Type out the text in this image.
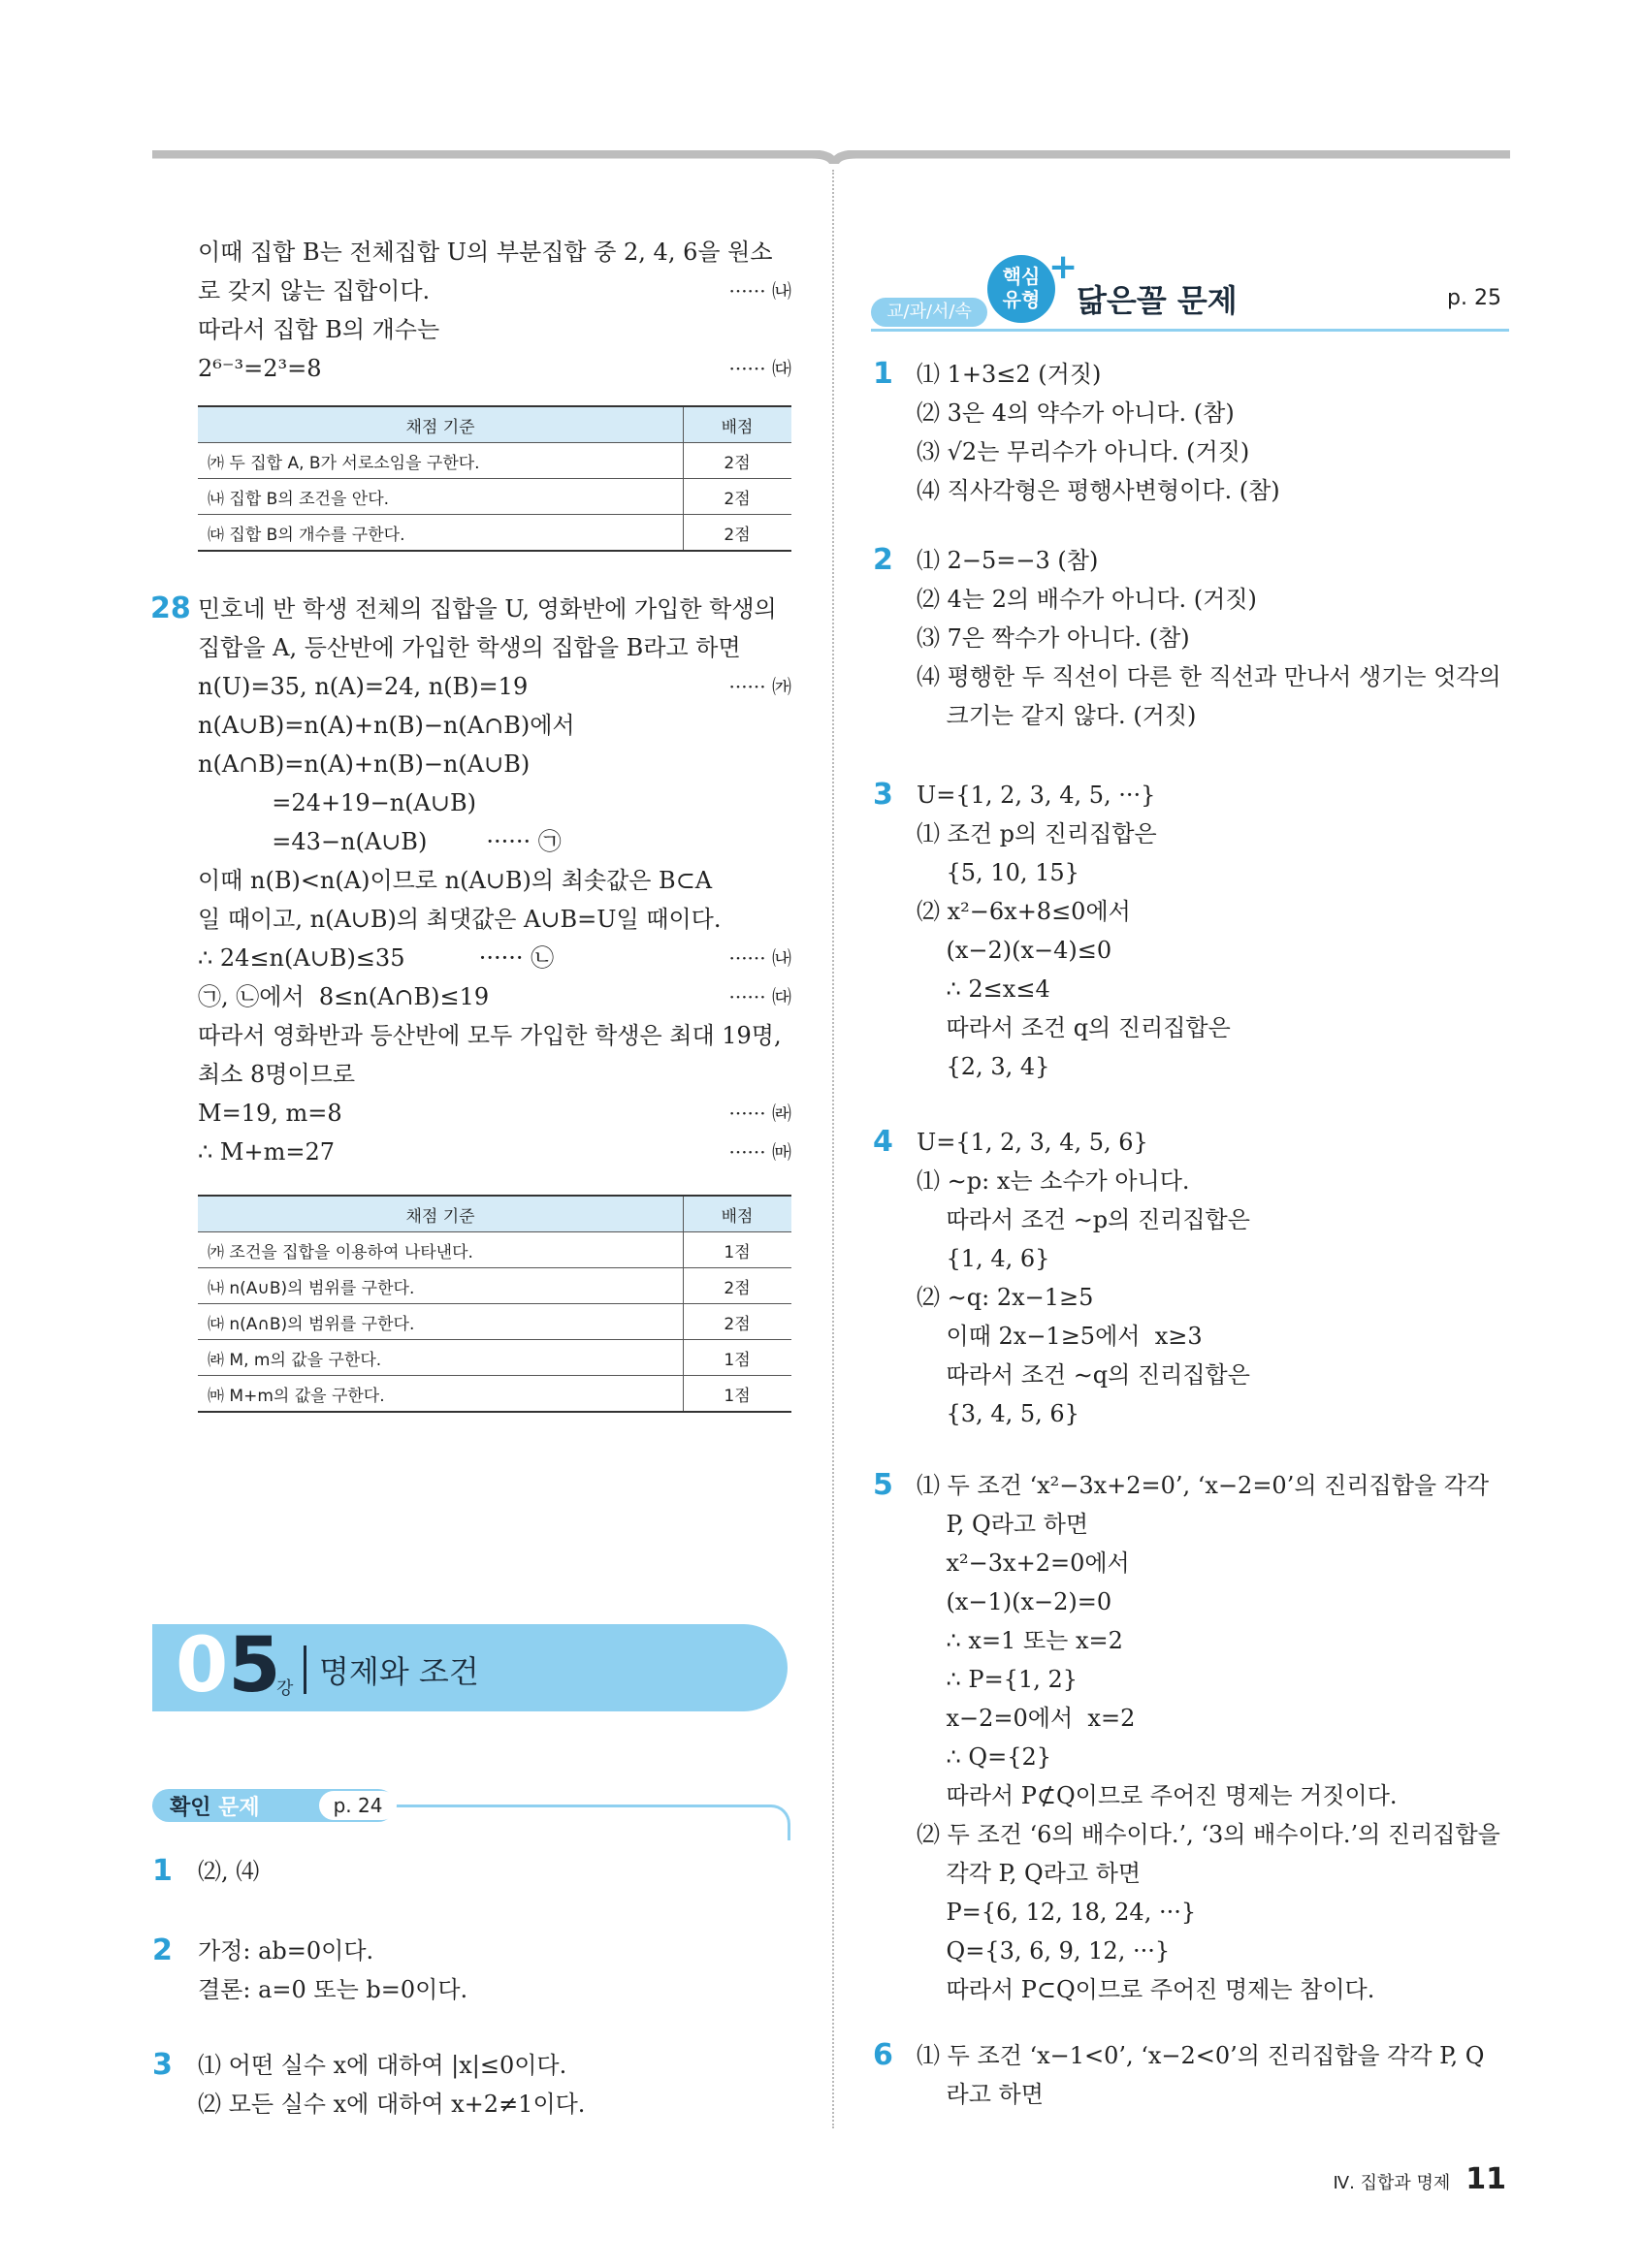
이때 집합 B는 전체집합 U의 부분집합 중 2, 4, 6을 원소
로 갖지 않는 집합이다.	······ ㈏
따라서 집합 B의 개수는
2⁶⁻³=2³=8	······ ㈐
채점 기준	배점
㈎ 두 집합 A, B가 서로소임을 구한다.	2점
㈏ 집합 B의 조건을 안다.	2점
㈐ 집합 B의 개수를 구한다.	2점
28 민호네 반 학생 전체의 집합을 U, 영화반에 가입한 학생의
집합을 A, 등산반에 가입한 학생의 집합을 B라고 하면
n(U)=35, n(A)=24, n(B)=19	······ ㈎
n(A∪B)=n(A)+n(B)−n(A∩B)에서
n(A∩B)=n(A)+n(B)−n(A∪B)
=24+19−n(A∪B)
=43−n(A∪B)        ······ ㉠
이때 n(B)<n(A)이므로 n(A∪B)의 최솟값은 B⊂A
일 때이고, n(A∪B)의 최댓값은 A∪B=U일 때이다.
∴ 24≤n(A∪B)≤35          ······ ㉡	······ ㈏
㉠, ㉡에서  8≤n(A∩B)≤19	······ ㈐
따라서 영화반과 등산반에 모두 가입한 학생은 최대 19명,
최소 8명이므로
M=19, m=8	······ ㈑
∴ M+m=27	······ ㈒
채점 기준	배점
㈎ 조건을 집합을 이용하여 나타낸다.	1점
㈏ n(A∪B)의 범위를 구한다.	2점
㈐ n(A∩B)의 범위를 구한다.	2점
㈑ M, m의 값을 구한다.	1점
㈒ M+m의 값을 구한다.	1점
05
강 명제와 조건
확인 문제	p. 24
1 ⑵, ⑷
2 가정: ab=0이다.
결론: a=0 또는 b=0이다.
3 ⑴ 어떤 실수 x에 대하여 |x|≤0이다.
⑵ 모든 실수 x에 대하여 x+2≠1이다.
교/과/서/속
핵심
유형
+
닮은꼴 문제	p. 25
1 ⑴ 1+3≤2 (거짓)
⑵ 3은 4의 약수가 아니다. (참)
⑶ √2는 무리수가 아니다. (거짓)
⑷ 직사각형은 평행사변형이다. (참)
2 ⑴ 2−5=−3 (참)
⑵ 4는 2의 배수가 아니다. (거짓)
⑶ 7은 짝수가 아니다. (참)
⑷ 평행한 두 직선이 다른 한 직선과 만나서 생기는 엇각의
크기는 같지 않다. (거짓)
3 U={1, 2, 3, 4, 5, ···}
⑴ 조건 p의 진리집합은
{5, 10, 15}
⑵ x²−6x+8≤0에서
(x−2)(x−4)≤0
∴ 2≤x≤4
따라서 조건 q의 진리집합은
{2, 3, 4}
4 U={1, 2, 3, 4, 5, 6}
⑴ ∼p: x는 소수가 아니다.
따라서 조건 ∼p의 진리집합은
{1, 4, 6}
⑵ ∼q: 2x−1≥5
이때 2x−1≥5에서  x≥3
따라서 조건 ∼q의 진리집합은
{3, 4, 5, 6}
5 ⑴ 두 조건 ‘x²−3x+2=0’, ‘x−2=0’의 진리집합을 각각
P, Q라고 하면
x²−3x+2=0에서
(x−1)(x−2)=0
∴ x=1 또는 x=2
∴ P={1, 2}
x−2=0에서  x=2
∴ Q={2}
따라서 P⊄Q이므로 주어진 명제는 거짓이다.
⑵ 두 조건 ‘6의 배수이다.’, ‘3의 배수이다.’의 진리집합을
각각 P, Q라고 하면
P={6, 12, 18, 24, ···}
Q={3, 6, 9, 12, ···}
따라서 P⊂Q이므로 주어진 명제는 참이다.
6 ⑴ 두 조건 ‘x−1<0’, ‘x−2<0’의 진리집합을 각각 P, Q
라고 하면
Ⅳ. 집합과 명제 11
